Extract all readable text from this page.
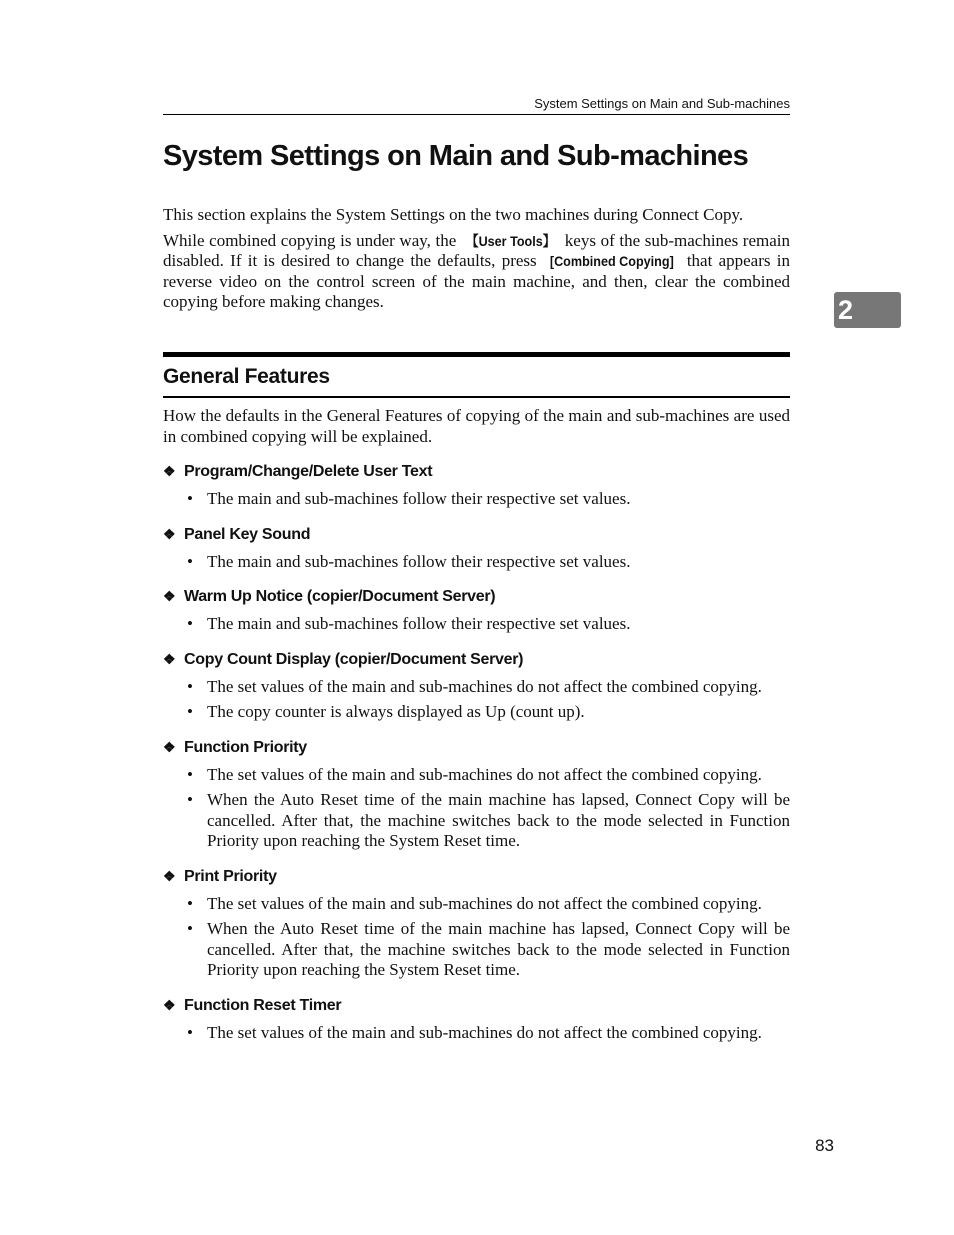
System Settings on Main and Sub-machines
System Settings on Main and Sub-machines
2

This section explains the System Settings on the two machines during Connect Copy.

While combined copying is under way, the 【User Tools】 keys of the sub-machines remain disabled. If it is desired to change the defaults, press [Combined Copying] that appears in reverse video on the control screen of the main machine, and then, clear the combined copying before making changes.

General Features

How the defaults in the General Features of copying of the main and sub-machines are used in combined copying will be explained.

❖ Program/Change/Delete User Text
• The main and sub-machines follow their respective set values.
❖ Panel Key Sound
• The main and sub-machines follow their respective set values.
❖ Warm Up Notice (copier/Document Server)
• The main and sub-machines follow their respective set values.
❖ Copy Count Display (copier/Document Server)
• The set values of the main and sub-machines do not affect the combined copying.
• The copy counter is always displayed as Up (count up).
❖ Function Priority
• The set values of the main and sub-machines do not affect the combined copying.
• When the Auto Reset time of the main machine has lapsed, Connect Copy will be cancelled. After that, the machine switches back to the mode selected in Function Priority upon reaching the System Reset time.
❖ Print Priority
• The set values of the main and sub-machines do not affect the combined copying.
• When the Auto Reset time of the main machine has lapsed, Connect Copy will be cancelled. After that, the machine switches back to the mode selected in Function Priority upon reaching the System Reset time.
❖ Function Reset Timer
• The set values of the main and sub-machines do not affect the combined copying.
83
